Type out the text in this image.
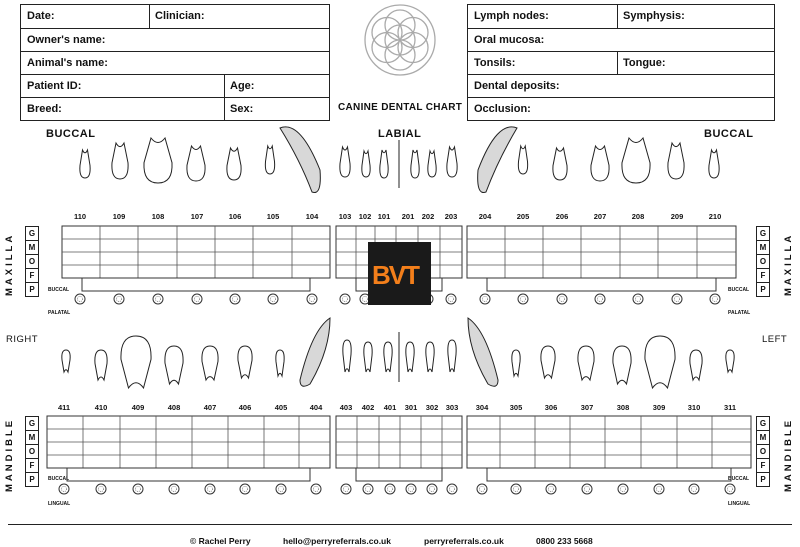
Date:	Clinician:
Owner's name:
Animal's name:
Patient ID:	Age:
Breed:	Sex:
Lymph nodes:	Symphysis:
Oral mucosa:
Tonsils:	Tongue:
Dental deposits:
Occlusion:
CANINE DENTAL CHART
BUCCAL	LABIAL	BUCCAL
RIGHT	LEFT
MAXILLA	MAXILLA
MANDIBLE	MANDIBLE
G
M
O
F
P
G
M
O
F
P
G
M
O
F
P
G
M
O
F
P
BUCCAL
PALATAL
BUCCAL
PALATAL
BUCCAL
LINGUAL
BUCCAL
LINGUAL
110	109	108	107	106	105	104	103 102 101	201 202	203	204	205	206	207	208	209	210
411	410	409	408	407	406	405	404	403	402	401	301	302 303	304	305	306	307	308	309	310	311
BVT
© Rachel Perry	hello@perryreferrals.co.uk	perryreferrals.co.uk	0800 233 5668
